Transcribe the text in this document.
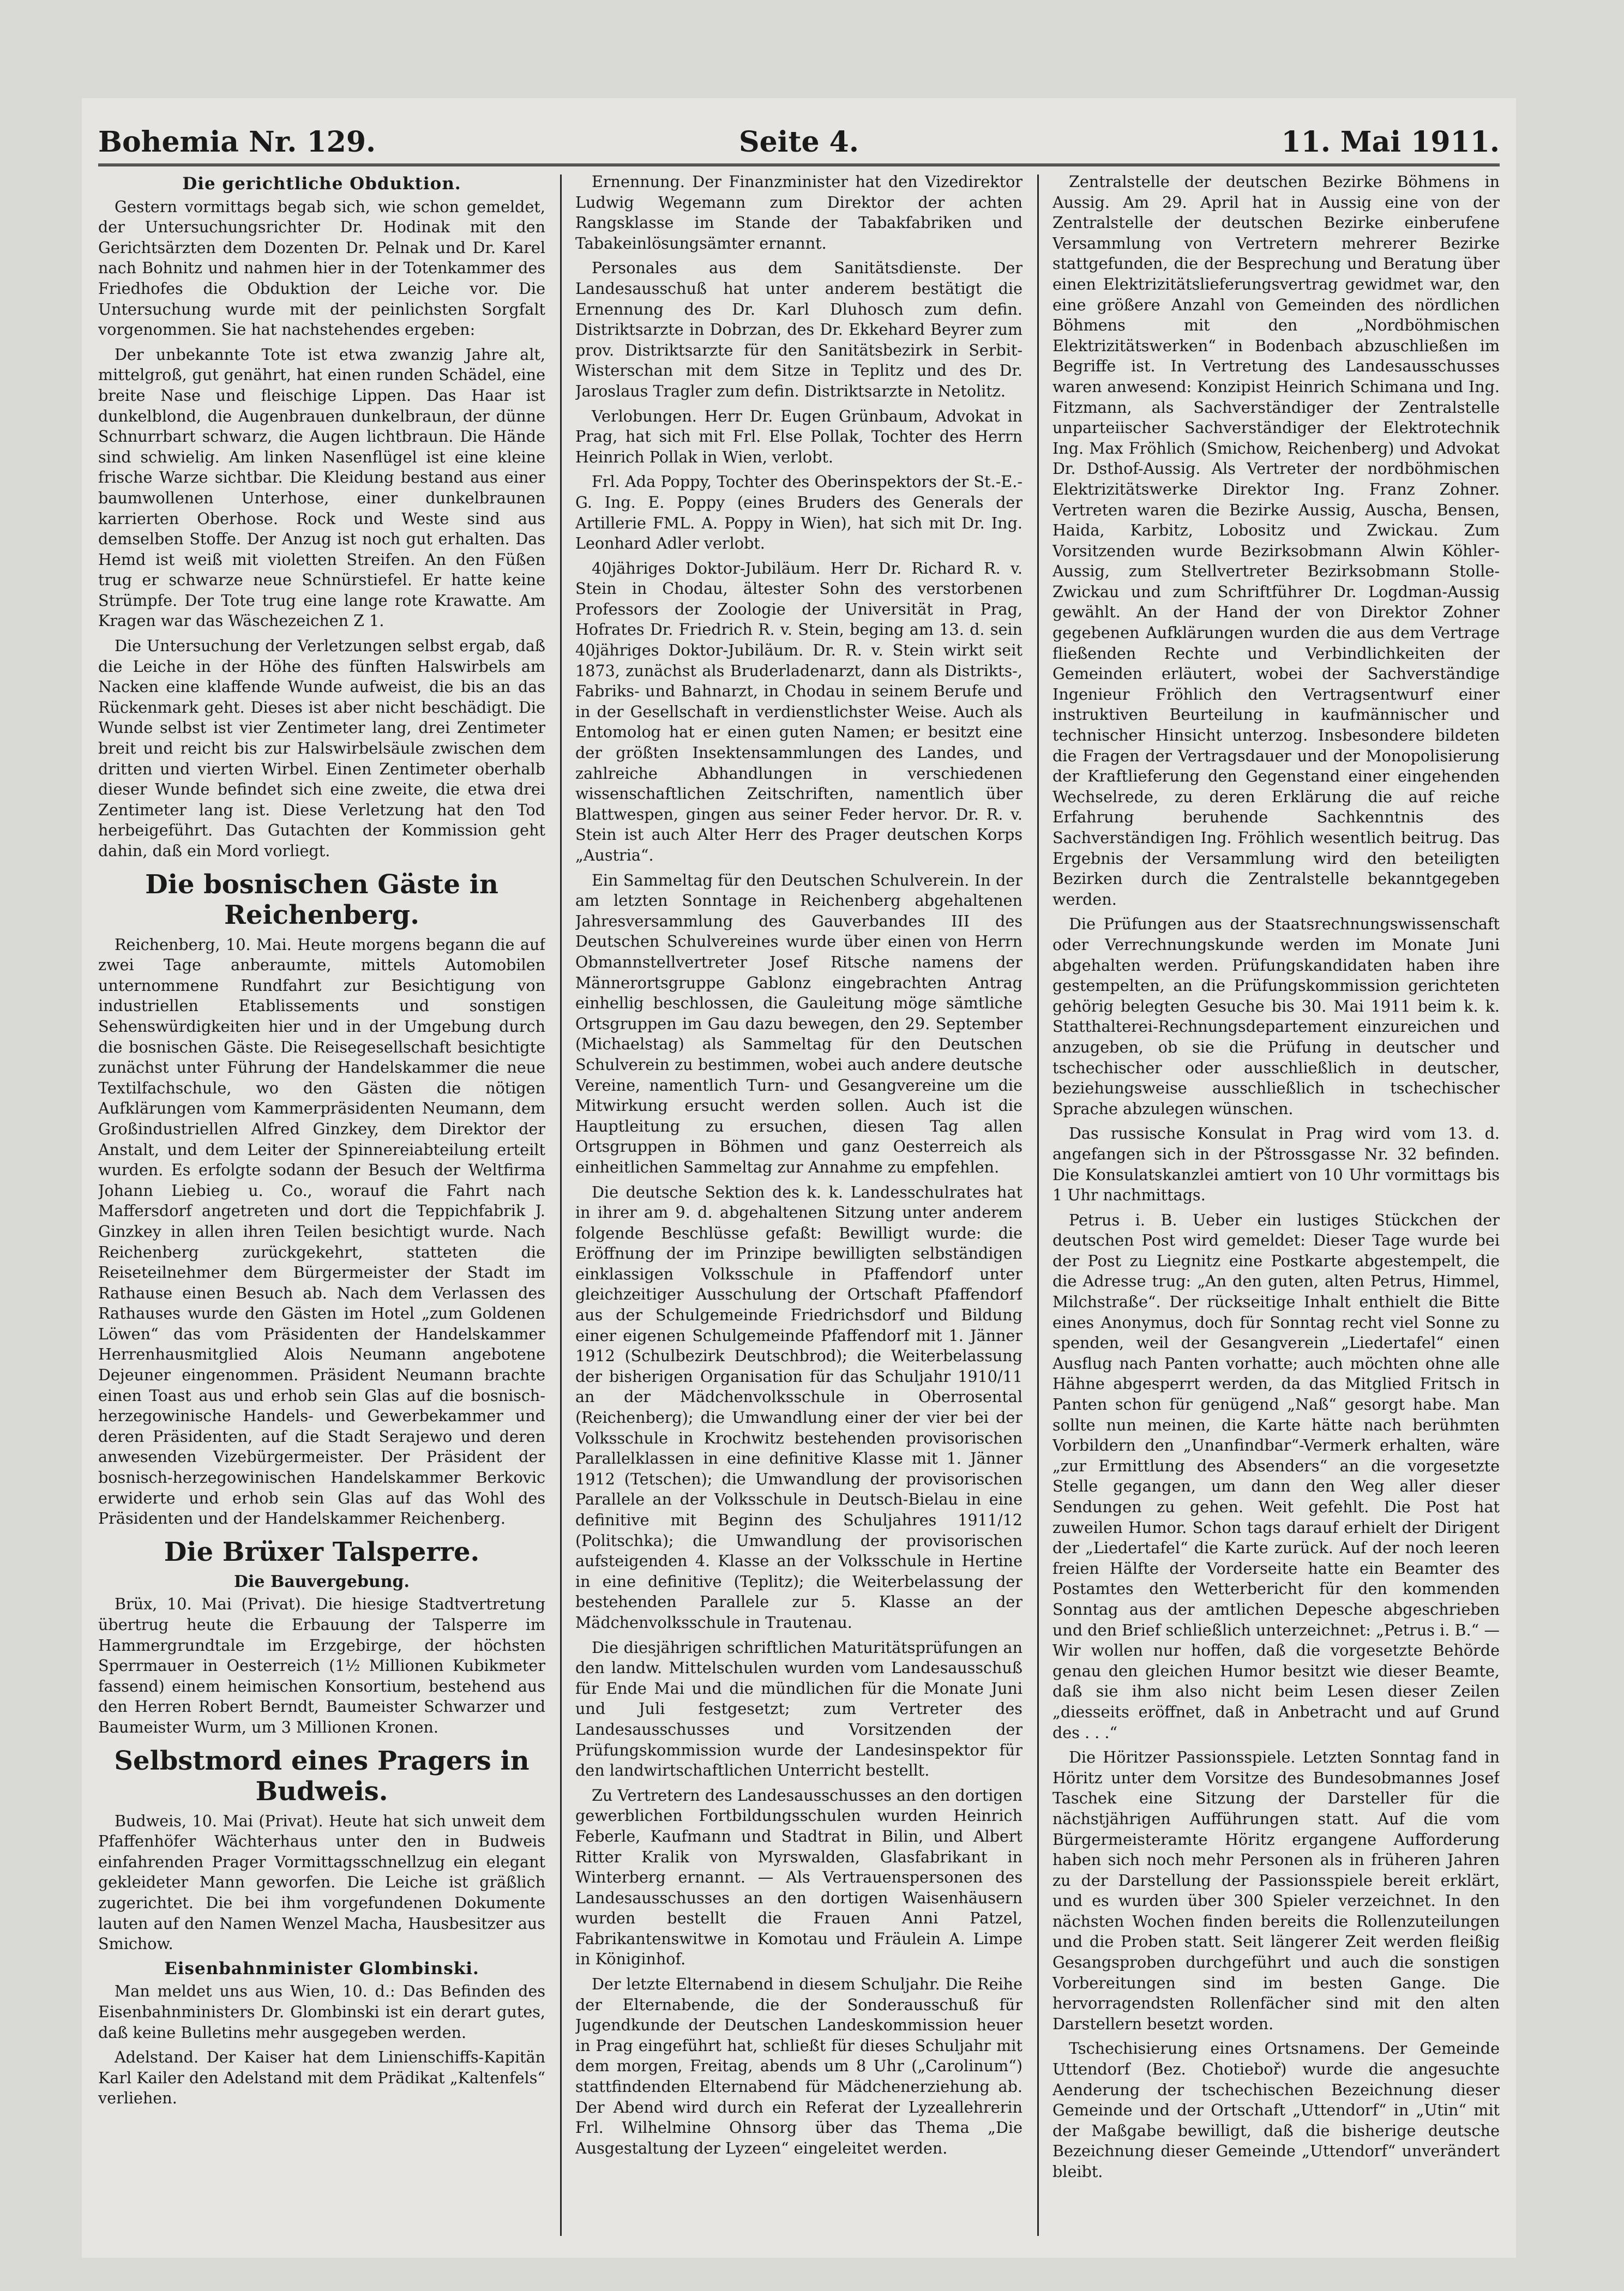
Bohemia Nr. 129.	Seite 4.	11. Mai 1911.
Die gerichtliche Obduktion.

Gestern vormittags begab sich, wie schon gemeldet, der Untersuchungsrichter Dr. Hodinak mit den Gerichtsärzten dem Dozenten Dr. Pelnak und Dr. Karel nach Bohnitz und nahmen hier in der Totenkammer des Friedhofes die Obduktion der Leiche vor. Die Untersuchung wurde mit der peinlichsten Sorgfalt vorgenommen. Sie hat nachstehendes ergeben:

Der unbekannte Tote ist etwa zwanzig Jahre alt, mittelgroß, gut genährt, hat einen runden Schädel, eine breite Nase und fleischige Lippen. Das Haar ist dunkelblond, die Augenbrauen dunkelbraun, der dünne Schnurrbart schwarz, die Augen lichtbraun. Die Hände sind schwielig. Am linken Nasenflügel ist eine kleine frische Warze sichtbar. Die Kleidung bestand aus einer baumwollenen Unterhose, einer dunkelbraunen karrierten Oberhose. Rock und Weste sind aus demselben Stoffe. Der Anzug ist noch gut erhalten. Das Hemd ist weiß mit violetten Streifen. An den Füßen trug er schwarze neue Schnürstiefel. Er hatte keine Strümpfe. Der Tote trug eine lange rote Krawatte. Am Kragen war das Wäschezeichen Z 1.

Die Untersuchung der Verletzungen selbst ergab, daß die Leiche in der Höhe des fünften Halswirbels am Nacken eine klaffende Wunde aufweist, die bis an das Rückenmark geht. Dieses ist aber nicht beschädigt. Die Wunde selbst ist vier Zentimeter lang, drei Zentimeter breit und reicht bis zur Halswirbelsäule zwischen dem dritten und vierten Wirbel. Einen Zentimeter oberhalb dieser Wunde befindet sich eine zweite, die etwa drei Zentimeter lang ist. Diese Verletzung hat den Tod herbeigeführt. Das Gutachten der Kommission geht dahin, daß ein Mord vorliegt.

Die bosnischen Gäste in Reichenberg.

Reichenberg, 10. Mai. Heute morgens begann die auf zwei Tage anberaumte, mittels Automobilen unternommene Rundfahrt zur Besichtigung von industriellen Etablissements und sonstigen Sehenswürdigkeiten hier und in der Umgebung durch die bosnischen Gäste. Die Reisegesellschaft besichtigte zunächst unter Führung der Handelskammer die neue Textilfachschule, wo den Gästen die nötigen Aufklärungen vom Kammerpräsidenten Neumann, dem Großindustriellen Alfred Ginzkey, dem Direktor der Anstalt, und dem Leiter der Spinnereiabteilung erteilt wurden. Es erfolgte sodann der Besuch der Weltfirma Johann Liebieg u. Co., worauf die Fahrt nach Maffersdorf angetreten und dort die Teppichfabrik J. Ginzkey in allen ihren Teilen besichtigt wurde. Nach Reichenberg zurückgekehrt, statteten die Reiseteilnehmer dem Bürgermeister der Stadt im Rathause einen Besuch ab. Nach dem Verlassen des Rathauses wurde den Gästen im Hotel „zum Goldenen Löwen“ das vom Präsidenten der Handelskammer Herrenhausmitglied Alois Neumann angebotene Dejeuner eingenommen. Präsident Neumann brachte einen Toast aus und erhob sein Glas auf die bosnisch-herzegowinische Handels- und Gewerbekammer und deren Präsidenten, auf die Stadt Serajewo und deren anwesenden Vizebürgermeister. Der Präsident der bosnisch-herzegowinischen Handelskammer Berkovic erwiderte und erhob sein Glas auf das Wohl des Präsidenten und der Handelskammer Reichenberg.

Die Brüxer Talsperre.
Die Bauvergebung.

Brüx, 10. Mai (Privat). Die hiesige Stadtvertretung übertrug heute die Erbauung der Talsperre im Hammergrundtale im Erzgebirge, der höchsten Sperrmauer in Oesterreich (1½ Millionen Kubikmeter fassend) einem heimischen Konsortium, bestehend aus den Herren Robert Berndt, Baumeister Schwarzer und Baumeister Wurm, um 3 Millionen Kronen.

Selbstmord eines Pragers in Budweis.

Budweis, 10. Mai (Privat). Heute hat sich unweit dem Pfaffenhöfer Wächterhaus unter den in Budweis einfahrenden Prager Vormittagsschnellzug ein elegant gekleideter Mann geworfen. Die Leiche ist gräßlich zugerichtet. Die bei ihm vorgefundenen Dokumente lauten auf den Namen Wenzel Macha, Hausbesitzer aus Smichow.

Eisenbahnminister Glombinski.

Man meldet uns aus Wien, 10. d.: Das Befinden des Eisenbahnministers Dr. Glombinski ist ein derart gutes, daß keine Bulletins mehr ausgegeben werden.

Adelstand. Der Kaiser hat dem Linienschiffs-Kapitän Karl Kailer den Adelstand mit dem Prädikat „Kaltenfels“ verliehen.

Ernennung. Der Finanzminister hat den Vizedirektor Ludwig Wegemann zum Direktor der achten Rangsklasse im Stande der Tabakfabriken und Tabakeinlösungsämter ernannt.

Personales aus dem Sanitätsdienste. Der Landesausschuß hat unter anderem bestätigt die Ernennung des Dr. Karl Dluhosch zum defin. Distriktsarzte in Dobrzan, des Dr. Ekkehard Beyrer zum prov. Distriktsarzte für den Sanitätsbezirk in Serbit-Wisterschan mit dem Sitze in Teplitz und des Dr. Jaroslaus Tragler zum defin. Distriktsarzte in Netolitz.

Verlobungen. Herr Dr. Eugen Grünbaum, Advokat in Prag, hat sich mit Frl. Else Pollak, Tochter des Herrn Heinrich Pollak in Wien, verlobt.

Frl. Ada Poppy, Tochter des Oberinspektors der St.-E.-G. Ing. E. Poppy (eines Bruders des Generals der Artillerie FML. A. Poppy in Wien), hat sich mit Dr. Ing. Leonhard Adler verlobt.

40jähriges Doktor-Jubiläum. Herr Dr. Richard R. v. Stein in Chodau, ältester Sohn des verstorbenen Professors der Zoologie der Universität in Prag, Hofrates Dr. Friedrich R. v. Stein, beging am 13. d. sein 40jähriges Doktor-Jubiläum. Dr. R. v. Stein wirkt seit 1873, zunächst als Bruderladenarzt, dann als Distrikts-, Fabriks- und Bahnarzt, in Chodau in seinem Berufe und in der Gesellschaft in verdienstlichster Weise. Auch als Entomolog hat er einen guten Namen; er besitzt eine der größten Insektensammlungen des Landes, und zahlreiche Abhandlungen in verschiedenen wissenschaftlichen Zeitschriften, namentlich über Blattwespen, gingen aus seiner Feder hervor. Dr. R. v. Stein ist auch Alter Herr des Prager deutschen Korps „Austria“.

Ein Sammeltag für den Deutschen Schulverein. In der am letzten Sonntage in Reichenberg abgehaltenen Jahresversammlung des Gauverbandes III des Deutschen Schulvereines wurde über einen von Herrn Obmannstellvertreter Josef Ritsche namens der Männerortsgruppe Gablonz eingebrachten Antrag einhellig beschlossen, die Gauleitung möge sämtliche Ortsgruppen im Gau dazu bewegen, den 29. September (Michaelstag) als Sammeltag für den Deutschen Schulverein zu bestimmen, wobei auch andere deutsche Vereine, namentlich Turn- und Gesangvereine um die Mitwirkung ersucht werden sollen. Auch ist die Hauptleitung zu ersuchen, diesen Tag allen Ortsgruppen in Böhmen und ganz Oesterreich als einheitlichen Sammeltag zur Annahme zu empfehlen.

Die deutsche Sektion des k. k. Landesschulrates hat in ihrer am 9. d. abgehaltenen Sitzung unter anderem folgende Beschlüsse gefaßt: Bewilligt wurde: die Eröffnung der im Prinzipe bewilligten selbständigen einklassigen Volksschule in Pfaffendorf unter gleichzeitiger Ausschulung der Ortschaft Pfaffendorf aus der Schulgemeinde Friedrichsdorf und Bildung einer eigenen Schulgemeinde Pfaffendorf mit 1. Jänner 1912 (Schulbezirk Deutschbrod); die Weiterbelassung der bisherigen Organisation für das Schuljahr 1910/11 an der Mädchenvolksschule in Oberrosental (Reichenberg); die Umwandlung einer der vier bei der Volksschule in Krochwitz bestehenden provisorischen Parallelklassen in eine definitive Klasse mit 1. Jänner 1912 (Tetschen); die Umwandlung der provisorischen Parallele an der Volksschule in Deutsch-Bielau in eine definitive mit Beginn des Schuljahres 1911/12 (Politschka); die Umwandlung der provisorischen aufsteigenden 4. Klasse an der Volksschule in Hertine in eine definitive (Teplitz); die Weiterbelassung der bestehenden Parallele zur 5. Klasse an der Mädchenvolksschule in Trautenau.

Die diesjährigen schriftlichen Maturitätsprüfungen an den landw. Mittelschulen wurden vom Landesausschuß für Ende Mai und die mündlichen für die Monate Juni und Juli festgesetzt; zum Vertreter des Landesausschusses und Vorsitzenden der Prüfungskommission wurde der Landesinspektor für den landwirtschaftlichen Unterricht bestellt.

Zu Vertretern des Landesausschusses an den dortigen gewerblichen Fortbildungsschulen wurden Heinrich Feberle, Kaufmann und Stadtrat in Bilin, und Albert Ritter Kralik von Myrswalden, Glasfabrikant in Winterberg ernannt. — Als Vertrauenspersonen des Landesausschusses an den dortigen Waisenhäusern wurden bestellt die Frauen Anni Patzel, Fabrikantenswitwe in Komotau und Fräulein A. Limpe in Königinhof.

Der letzte Elternabend in diesem Schuljahr. Die Reihe der Elternabende, die der Sonderausschuß für Jugendkunde der Deutschen Landeskommission heuer in Prag eingeführt hat, schließt für dieses Schuljahr mit dem morgen, Freitag, abends um 8 Uhr („Carolinum“) stattfindenden Elternabend für Mädchenerziehung ab. Der Abend wird durch ein Referat der Lyzeallehrerin Frl. Wilhelmine Ohnsorg über das Thema „Die Ausgestaltung der Lyzeen“ eingeleitet werden.

Zentralstelle der deutschen Bezirke Böhmens in Aussig. Am 29. April hat in Aussig eine von der Zentralstelle der deutschen Bezirke einberufene Versammlung von Vertretern mehrerer Bezirke stattgefunden, die der Besprechung und Beratung über einen Elektrizitätslieferungsvertrag gewidmet war, den eine größere Anzahl von Gemeinden des nördlichen Böhmens mit den „Nordböhmischen Elektrizitätswerken“ in Bodenbach abzuschließen im Begriffe ist. In Vertretung des Landesausschusses waren anwesend: Konzipist Heinrich Schimana und Ing. Fitzmann, als Sachverständiger der Zentralstelle unparteiischer Sachverständiger der Elektrotechnik Ing. Max Fröhlich (Smichow, Reichenberg) und Advokat Dr. Dsthof-Aussig. Als Vertreter der nordböhmischen Elektrizitätswerke Direktor Ing. Franz Zohner. Vertreten waren die Bezirke Aussig, Auscha, Bensen, Haida, Karbitz, Lobositz und Zwickau. Zum Vorsitzenden wurde Bezirksobmann Alwin Köhler-Aussig, zum Stellvertreter Bezirksobmann Stolle-Zwickau und zum Schriftführer Dr. Logdman-Aussig gewählt. An der Hand der von Direktor Zohner gegebenen Aufklärungen wurden die aus dem Vertrage fließenden Rechte und Verbindlichkeiten der Gemeinden erläutert, wobei der Sachverständige Ingenieur Fröhlich den Vertragsentwurf einer instruktiven Beurteilung in kaufmännischer und technischer Hinsicht unterzog. Insbesondere bildeten die Fragen der Vertragsdauer und der Monopolisierung der Kraftlieferung den Gegenstand einer eingehenden Wechselrede, zu deren Erklärung die auf reiche Erfahrung beruhende Sachkenntnis des Sachverständigen Ing. Fröhlich wesentlich beitrug. Das Ergebnis der Versammlung wird den beteiligten Bezirken durch die Zentralstelle bekanntgegeben werden.

Die Prüfungen aus der Staatsrechnungswissenschaft oder Verrechnungskunde werden im Monate Juni abgehalten werden. Prüfungskandidaten haben ihre gestempelten, an die Prüfungskommission gerichteten gehörig belegten Gesuche bis 30. Mai 1911 beim k. k. Statthalterei-Rechnungsdepartement einzureichen und anzugeben, ob sie die Prüfung in deutscher und tschechischer oder ausschließlich in deutscher, beziehungsweise ausschließlich in tschechischer Sprache abzulegen wünschen.

Das russische Konsulat in Prag wird vom 13. d. angefangen sich in der Pštrossgasse Nr. 32 befinden. Die Konsulatskanzlei amtiert von 10 Uhr vormittags bis 1 Uhr nachmittags.

Petrus i. B. Ueber ein lustiges Stückchen der deutschen Post wird gemeldet: Dieser Tage wurde bei der Post zu Liegnitz eine Postkarte abgestempelt, die die Adresse trug: „An den guten, alten Petrus, Himmel, Milchstraße“. Der rückseitige Inhalt enthielt die Bitte eines Anonymus, doch für Sonntag recht viel Sonne zu spenden, weil der Gesangverein „Liedertafel“ einen Ausflug nach Panten vorhatte; auch möchten ohne alle Hähne abgesperrt werden, da das Mitglied Fritsch in Panten schon für genügend „Naß“ gesorgt habe. Man sollte nun meinen, die Karte hätte nach berühmten Vorbildern den „Unanfindbar“-Vermerk erhalten, wäre „zur Ermittlung des Absenders“ an die vorgesetzte Stelle gegangen, um dann den Weg aller dieser Sendungen zu gehen. Weit gefehlt. Die Post hat zuweilen Humor. Schon tags darauf erhielt der Dirigent der „Liedertafel“ die Karte zurück. Auf der noch leeren freien Hälfte der Vorderseite hatte ein Beamter des Postamtes den Wetterbericht für den kommenden Sonntag aus der amtlichen Depesche abgeschrieben und den Brief schließlich unterzeichnet: „Petrus i. B.“ — Wir wollen nur hoffen, daß die vorgesetzte Behörde genau den gleichen Humor besitzt wie dieser Beamte, daß sie ihm also nicht beim Lesen dieser Zeilen „diesseits eröffnet, daß in Anbetracht und auf Grund des . . .“

Die Höritzer Passionsspiele. Letzten Sonntag fand in Höritz unter dem Vorsitze des Bundesobmannes Josef Taschek eine Sitzung der Darsteller für die nächstjährigen Aufführungen statt. Auf die vom Bürgermeisteramte Höritz ergangene Aufforderung haben sich noch mehr Personen als in früheren Jahren zu der Darstellung der Passionsspiele bereit erklärt, und es wurden über 300 Spieler verzeichnet. In den nächsten Wochen finden bereits die Rollenzuteilungen und die Proben statt. Seit längerer Zeit werden fleißig Gesangsproben durchgeführt und auch die sonstigen Vorbereitungen sind im besten Gange. Die hervorragendsten Rollenfächer sind mit den alten Darstellern besetzt worden.

Tschechisierung eines Ortsnamens. Der Gemeinde Uttendorf (Bez. Chotieboř) wurde die angesuchte Aenderung der tschechischen Bezeichnung dieser Gemeinde und der Ortschaft „Uttendorf“ in „Utin“ mit der Maßgabe bewilligt, daß die bisherige deutsche Bezeichnung dieser Gemeinde „Uttendorf“ unverändert bleibt.
